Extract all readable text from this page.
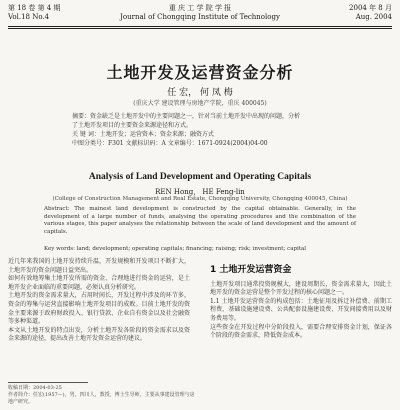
第 18 卷 第 4 期	重 庆 工 学 院 学 报	2004 年 8 月
Vol.18 No.4	Journal of Chongqing Institute of Technology	Aug. 2004
土地开发及运营资金分析
任 宏， 何 凤 梅
(重庆大学 建设管理与房地产学院，重庆 400045)
摘要：资金缺乏是土地开发中的主要问题之一，针对当前土地开发中出现的问题，分析
了土地开发项目的主要资金来源途径和方式。
关 键 词：土地开发；运营资本；资金来源；融资方式
中图分类号：F301 文献标识码：A 文章编号：1671-0924(2004)04-00
Analysis of Land Development and Operating Capitals
REN Hong， HE Feng-lin
(College of Construction Management and Real Estate, Chongqing University, Chongqing 400045, China)
Abstract: The mainest land development is constructed by the capital obtainable. Generally, in the development of a large number of funds, analysing the operating procedures and the combination of the various stages, this paper analyses the relationship between the scale of land development and the amount of capitals.
Key words: land; development; operating capitals; financing; raising; risk; investment; capital
近几年来我国的土地开发持续升温，开发规模和开发项目不断扩大，土地开发的资金问题日益突出。
如何有效地筹集土地开发所需的资金，合理地进行资金的运营，是土地开发企业面临的重要问题，必须认真分析研究。
土地开发的资金需求量大，占用时间长，开发过程中涉及的环节多，资金的筹集与运营直接影响土地开发项目的成败。目前土地开发的资金主要来源于政府财政投入、银行贷款、企业自有资金以及社会融资等多种渠道。
本文从土地开发的特点出发，分析土地开发各阶段的资金需求以及资金来源的途径，提出改善土地开发资金运营的建议。
1 土地开发运营资金
土地开发项目通常投资规模大，建设周期长，资金需求量大，因此土地开发的资金运营是整个开发过程的核心问题之一。
1.1 土地开发运营资金的构成包括：土地征用及拆迁补偿费、前期工程费、基础设施建设费、公共配套设施建设费、开发间接费用以及财务费用等。
这些资金在开发过程中分阶段投入，需要合理安排资金计划，保证各个阶段的资金需求，降低资金成本。
收稿日期：2004-03-25
作者简介：任宏(1957—)，男，四川人，教授，博士生导师，主要从事建设管理与房地产研究。
